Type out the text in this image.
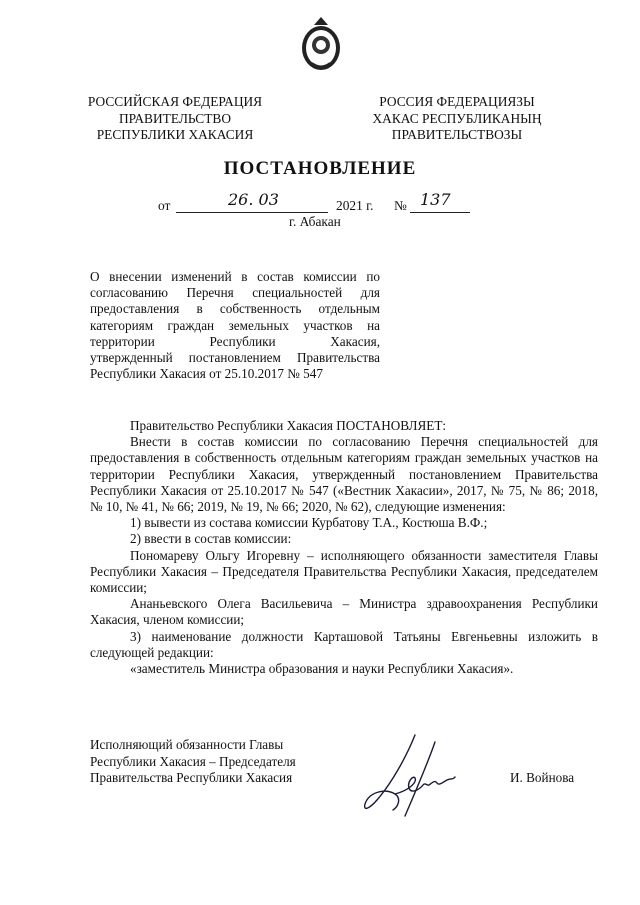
РОССИЙСКАЯ ФЕДЕРАЦИЯ
ПРАВИТЕЛЬСТВО
РЕСПУБЛИКИ ХАКАСИЯ
РОССИЯ ФЕДЕРАЦИЯЗЫ
ХАКАС РЕСПУБЛИКАНЫҢ
ПРАВИТЕЛЬСТВОЗЫ
ПОСТАНОВЛЕНИЕ
от	26. 03	2021 г. № 137
г. Абакан
О внесении изменений в состав комиссии по
согласованию Перечня специальностей для
предоставления в собственность отдельным
категориям граждан земельных участков на
территории Республики Хакасия,
утвержденный постановлением Правительства
Республики Хакасия от 25.10.2017 № 547

Правительство Республики Хакасия ПОСТАНОВЛЯЕТ:

Внести в состав комиссии по согласованию Перечня специальностей для предоставления в собственность отдельным категориям граждан земельных участков на территории Республики Хакасия, утвержденный постановлением Правительства Республики Хакасия от 25.10.2017 № 547 («Вестник Хакасии», 2017, № 75, № 86; 2018, № 10, № 41, № 66; 2019, № 19, № 66; 2020, № 62), следующие изменения:

1) вывести из состава комиссии Курбатову Т.А., Костюша В.Ф.;

2) ввести в состав комиссии:

Пономареву Ольгу Игоревну – исполняющего обязанности заместителя Главы Республики Хакасия – Председателя Правительства Республики Хакасия, председателем комиссии;

Ананьевского Олега Васильевича – Министра здравоохранения Республики Хакасия, членом комиссии;

3) наименование должности Карташовой Татьяны Евгеньевны изложить в следующей редакции:

«заместитель Министра образования и науки Республики Хакасия».

Исполняющий обязанности Главы
Республики Хакасия – Председателя
Правительства Республики Хакасия	И. Войнова
